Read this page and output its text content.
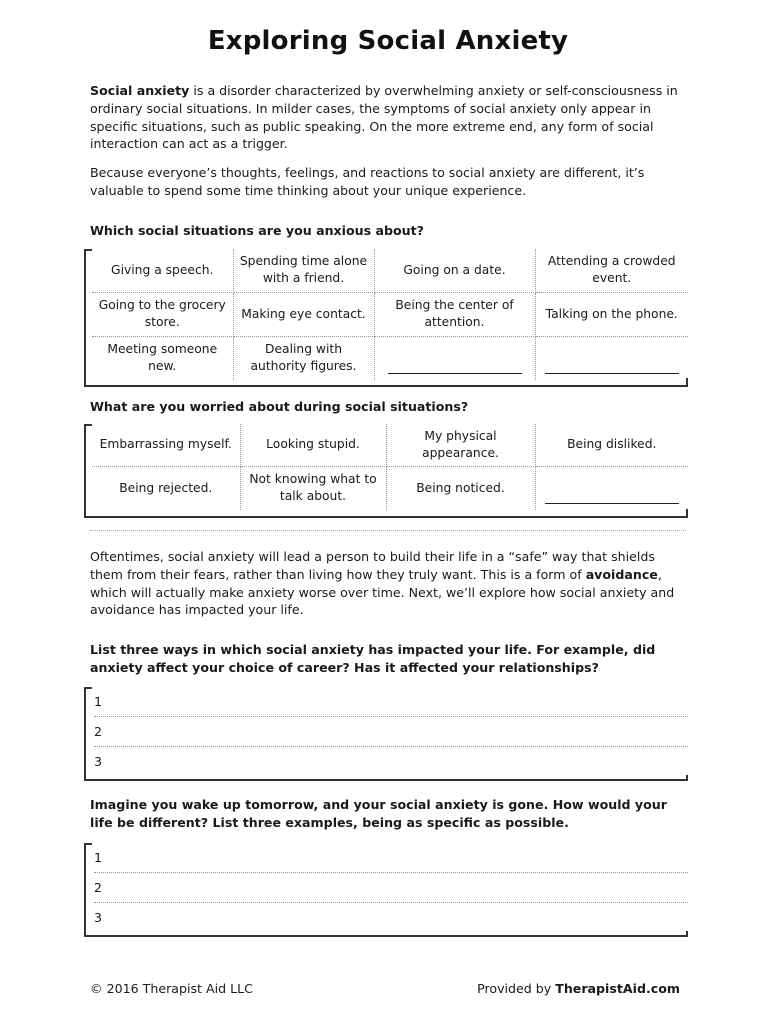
Exploring Social Anxiety

Social anxiety is a disorder characterized by overwhelming anxiety or self-consciousness in ordinary social situations. In milder cases, the symptoms of social anxiety only appear in specific situations, such as public speaking. On the more extreme end, any form of social interaction can act as a trigger.

Because everyone’s thoughts, feelings, and reactions to social anxiety are different, it’s valuable to spend some time thinking about your unique experience.

Which social situations are you anxious about?

Giving a speech.	Spending time alone with a friend.	Going on a date.	Attending a crowded event.
Going to the grocery store.	Making eye contact.	Being the center of attention.	Talking on the phone.
Meeting someone new.	Dealing with authority figures.		

What are you worried about during social situations?

Embarrassing myself.	Looking stupid.	My physical appearance.	Being disliked.
Being rejected.	Not knowing what to talk about.	Being noticed.	

Oftentimes, social anxiety will lead a person to build their life in a “safe” way that shields them from their fears, rather than living how they truly want. This is a form of avoidance, which will actually make anxiety worse over time. Next, we’ll explore how social anxiety and avoidance has impacted your life.

List three ways in which social anxiety has impacted your life. For example, did anxiety affect your choice of career? Has it affected your relationships?

1
2
3

Imagine you wake up tomorrow, and your social anxiety is gone. How would your life be different? List three examples, being as specific as possible.

1
2
3
© 2016 Therapist Aid LLC	Provided by TherapistAid.com
